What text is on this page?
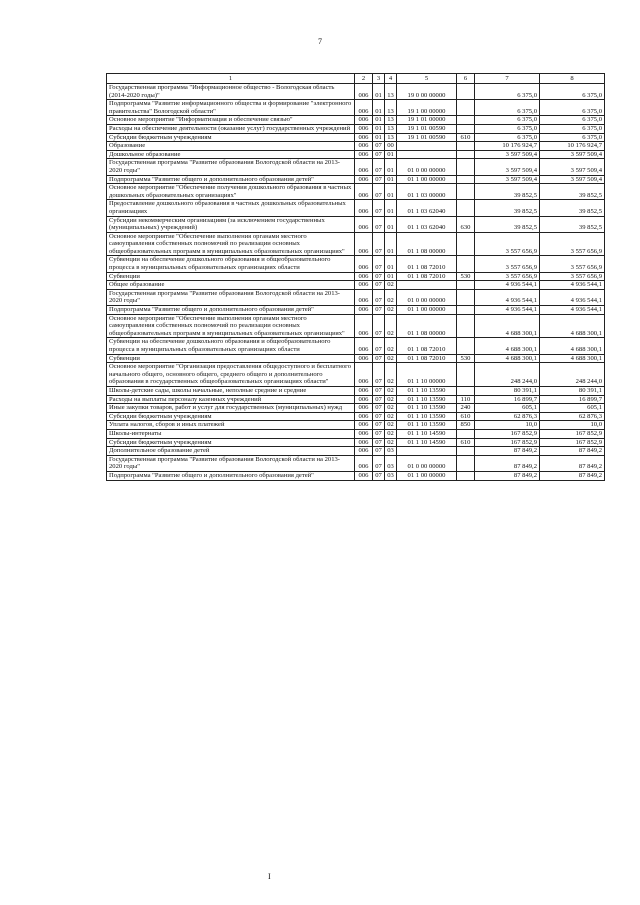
7
1	2	3	4	5	6	7	8
Государственная программа "Информационное общество - Вологодская область (2014-2020 годы)"	006	01	13	19 0 00 00000		6 375,0	6 375,0
Подпрограмма "Развитие информационного общества и формирование "электронного правительства" Вологодской области"	006	01	13	19 1 00 00000		6 375,0	6 375,0
Основное мероприятие "Информатизация и обеспечение связью"	006	01	13	19 1 01 00000		6 375,0	6 375,0
Расходы на обеспечение деятельности (оказание услуг) государственных учреждений	006	01	13	19 1 01 00590		6 375,0	6 375,0
Субсидии бюджетным учреждениям	006	01	13	19 1 01 00590	610	6 375,0	6 375,0
Образование	006	07	00			10 176 924,7	10 176 924,7
Дошкольное образование	006	07	01			3 597 509,4	3 597 509,4
Государственная программа "Развитие образования Вологодской области на 2013-2020 годы"	006	07	01	01 0 00 00000		3 597 509,4	3 597 509,4
Подпрограмма "Развитие общего и дополнительного образования детей"	006	07	01	01 1 00 00000		3 597 509,4	3 597 509,4
Основное мероприятие "Обеспечение получения дошкольного образования в частных дошкольных образовательных организациях"	006	07	01	01 1 03 00000		39 852,5	39 852,5
Предоставление дошкольного образования в частных дошкольных образовательных организациях	006	07	01	01 1 03 62040		39 852,5	39 852,5
Субсидии некоммерческим организациям (за исключением государственных (муниципальных) учреждений)	006	07	01	01 1 03 62040	630	39 852,5	39 852,5
Основное мероприятие "Обеспечение выполнения органами местного самоуправления собственных полномочий по реализации основных общеобразовательных программ в муниципальных образовательных организациях"	006	07	01	01 1 08 00000		3 557 656,9	3 557 656,9
Субвенции на обеспечение дошкольного образования и общеобразовательного процесса в муниципальных образовательных организациях области	006	07	01	01 1 08 72010		3 557 656,9	3 557 656,9
Субвенции	006	07	01	01 1 08 72010	530	3 557 656,9	3 557 656,9
Общее образование	006	07	02			4 936 544,1	4 936 544,1
Государственная программа "Развитие образования Вологодской области на 2013-2020 годы"	006	07	02	01 0 00 00000		4 936 544,1	4 936 544,1
Подпрограмма "Развитие общего и дополнительного образования детей"	006	07	02	01 1 00 00000		4 936 544,1	4 936 544,1
Основное мероприятие "Обеспечение выполнения органами местного самоуправления собственных полномочий по реализации основных общеобразовательных программ в муниципальных образовательных организациях"	006	07	02	01 1 08 00000		4 688 300,1	4 688 300,1
Субвенции на обеспечение дошкольного образования и общеобразовательного процесса в муниципальных образовательных организациях области	006	07	02	01 1 08 72010		4 688 300,1	4 688 300,1
Субвенции	006	07	02	01 1 08 72010	530	4 688 300,1	4 688 300,1
Основное мероприятие "Организация предоставления общедоступного и бесплатного начального общего, основного общего, среднего общего и дополнительного образования в государственных общеобразовательных организациях области"	006	07	02	01 1 10 00000		248 244,0	248 244,0
Школы-детские сады, школы начальные, неполные средние и средние	006	07	02	01 1 10 13590		80 391,1	80 391,1
Расходы на выплаты персоналу казенных учреждений	006	07	02	01 1 10 13590	110	16 899,7	16 899,7
Иные закупки товаров, работ и услуг для государственных (муниципальных) нужд	006	07	02	01 1 10 13590	240	605,1	605,1
Субсидии бюджетным учреждениям	006	07	02	01 1 10 13590	610	62 876,3	62 876,3
Уплата налогов, сборов и иных платежей	006	07	02	01 1 10 13590	850	10,0	10,0
Школы-интернаты	006	07	02	01 1 10 14590		167 852,9	167 852,9
Субсидии бюджетным учреждениям	006	07	02	01 1 10 14590	610	167 852,9	167 852,9
Дополнительное образование детей	006	07	03			87 849,2	87 849,2
Государственная программа "Развитие образования Вологодской области на 2013-2020 годы"	006	07	03	01 0 00 00000		87 849,2	87 849,2
Подпрограмма "Развитие общего и дополнительного образования детей"	006	07	03	01 1 00 00000		87 849,2	87 849,2
I
